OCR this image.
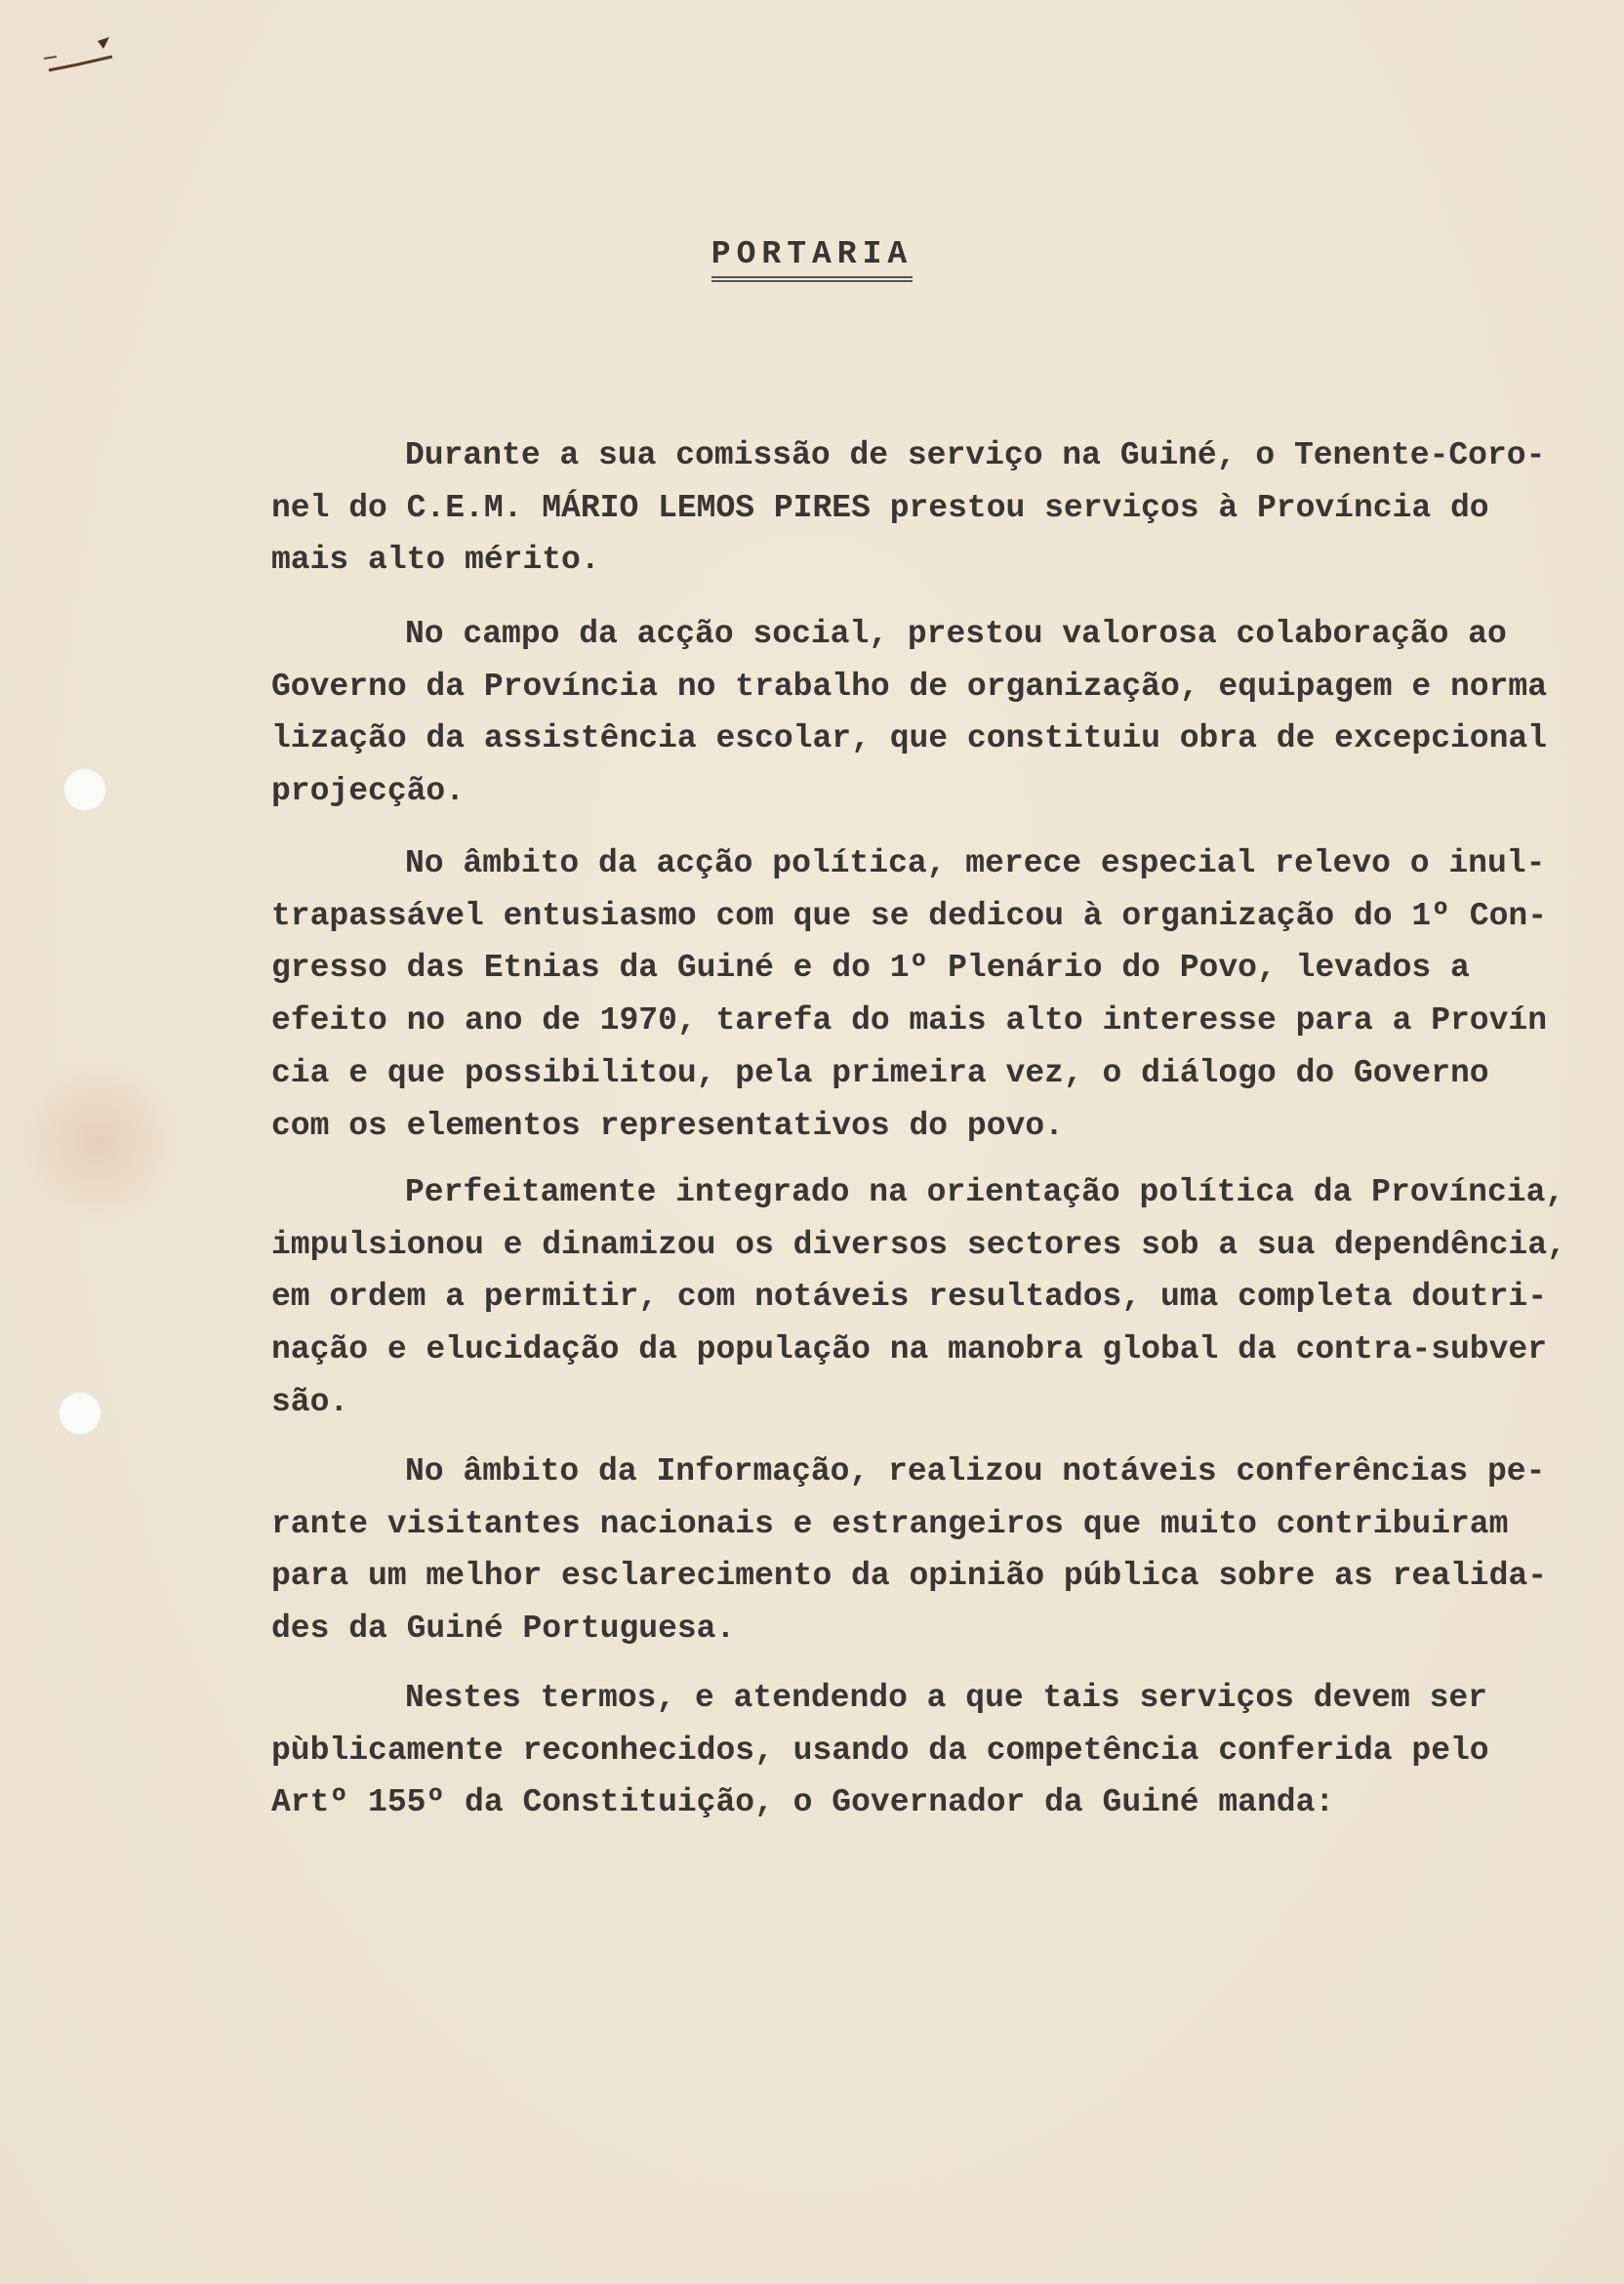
PORTARIA
Durante a sua comissão de serviço na Guiné, o Tenente-Coro-
nel do C.E.M. MÁRIO LEMOS PIRES prestou serviços à Província do
mais alto mérito.
No campo da acção social, prestou valorosa colaboração ao
Governo da Província no trabalho de organização, equipagem e norma
lização da assistência escolar, que constituiu obra de excepcional
projecção.
No âmbito da acção política, merece especial relevo o inul-
trapassável entusiasmo com que se dedicou à organização do 1º Con-
gresso das Etnias da Guiné e do 1º Plenário do Povo, levados a
efeito no ano de 1970, tarefa do mais alto interesse para a Provín
cia e que possibilitou, pela primeira vez, o diálogo do Governo
com os elementos representativos do povo.
Perfeitamente integrado na orientação política da Província,
impulsionou e dinamizou os diversos sectores sob a sua dependência,
em ordem a permitir, com notáveis resultados, uma completa doutri-
nação e elucidação da população na manobra global da contra-subver
são.
No âmbito da Informação, realizou notáveis conferências pe-
rante visitantes nacionais e estrangeiros que muito contribuiram
para um melhor esclarecimento da opinião pública sobre as realida-
des da Guiné Portuguesa.
Nestes termos, e atendendo a que tais serviços devem ser
pùblicamente reconhecidos, usando da competência conferida pelo
Artº 155º da Constituição, o Governador da Guiné manda:
